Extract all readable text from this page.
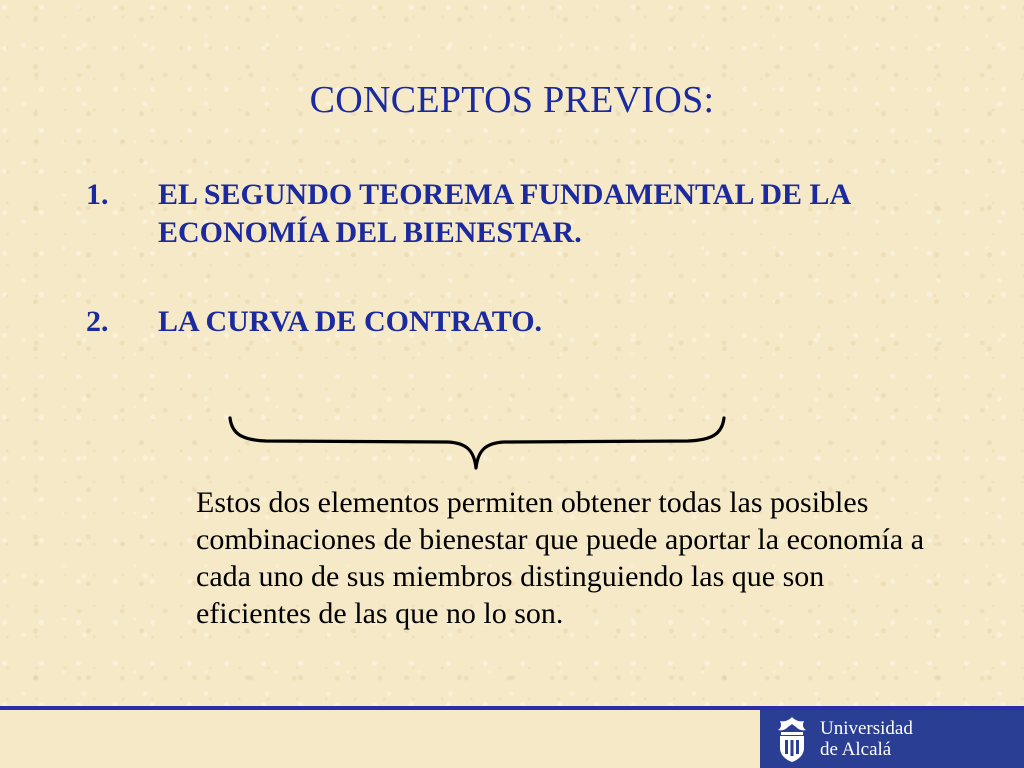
CONCEPTOS PREVIOS:
1.	EL SEGUNDO TEOREMA FUNDAMENTAL DE LA ECONOMÍA DEL BIENESTAR.
2.	LA CURVA DE CONTRATO.
Estos dos elementos permiten obtener todas las posibles combinaciones de bienestar que puede aportar la economía a cada uno de sus miembros distinguiendo las que son eficientes de las que no lo son.
Universidad
de Alcalá
